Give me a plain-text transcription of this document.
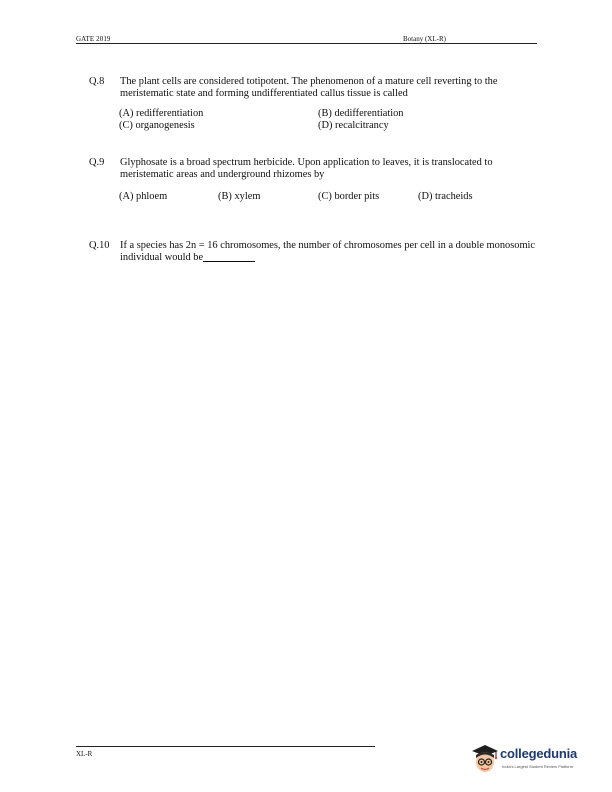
GATE 2019	Botany (XL-R)
Q.8 The plant cells are considered totipotent. The phenomenon of a mature cell reverting to the meristematic state and forming undifferentiated callus tissue is called
(A) redifferentiation	(B) dedifferentiation
(C) organogenesis	(D) recalcitrancy
Q.9 Glyphosate is a broad spectrum herbicide. Upon application to leaves, it is translocated to meristematic areas and underground rhizomes by
(A) phloem	(B) xylem	(C) border pits	(D) tracheids
Q.10 If a species has 2n = 16 chromosomes, the number of chromosomes per cell in a double monosomic individual would be
XL-R	collegedunia
India's Largest Student Review Platform
